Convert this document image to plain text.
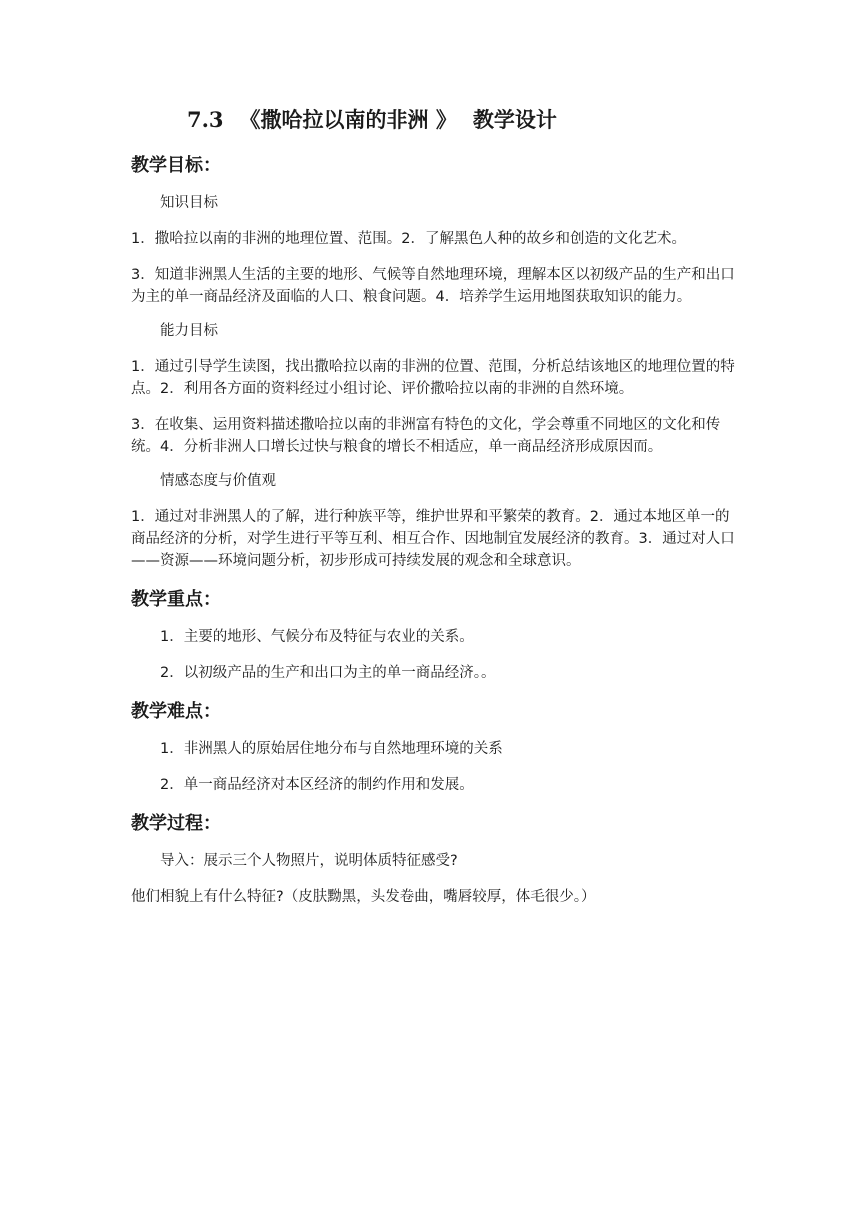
7.3 《撒哈拉以南的非洲 》 教学设计
教学目标：

知识目标

1．撒哈拉以南的非洲的地理位置、范围。2．了解黑色人种的故乡和创造的文化艺术。

3．知道非洲黑人生活的主要的地形、气候等自然地理环境，理解本区以初级产品的生产和出口为主的单一商品经济及面临的人口、粮食问题。4．培养学生运用地图获取知识的能力。

能力目标

1．通过引导学生读图，找出撒哈拉以南的非洲的位置、范围，分析总结该地区的地理位置的特点。2．利用各方面的资料经过小组讨论、评价撒哈拉以南的非洲的自然环境。

3．在收集、运用资料描述撒哈拉以南的非洲富有特色的文化，学会尊重不同地区的文化和传统。4．分析非洲人口增长过快与粮食的增长不相适应，单一商品经济形成原因而。

情感态度与价值观

1．通过对非洲黑人的了解，进行种族平等，维护世界和平繁荣的教育。2．通过本地区单一的商品经济的分析，对学生进行平等互利、相互合作、因地制宜发展经济的教育。3．通过对人口——资源——环境问题分析，初步形成可持续发展的观念和全球意识。

教学重点：

1．主要的地形、气候分布及特征与农业的关系。

2．以初级产品的生产和出口为主的单一商品经济。。

教学难点：

1．非洲黑人的原始居住地分布与自然地理环境的关系

2．单一商品经济对本区经济的制约作用和发展。

教学过程：

导入：展示三个人物照片，说明体质特征感受?

他们相貌上有什么特征?（皮肤黝黑，头发卷曲，嘴唇较厚，体毛很少。）
